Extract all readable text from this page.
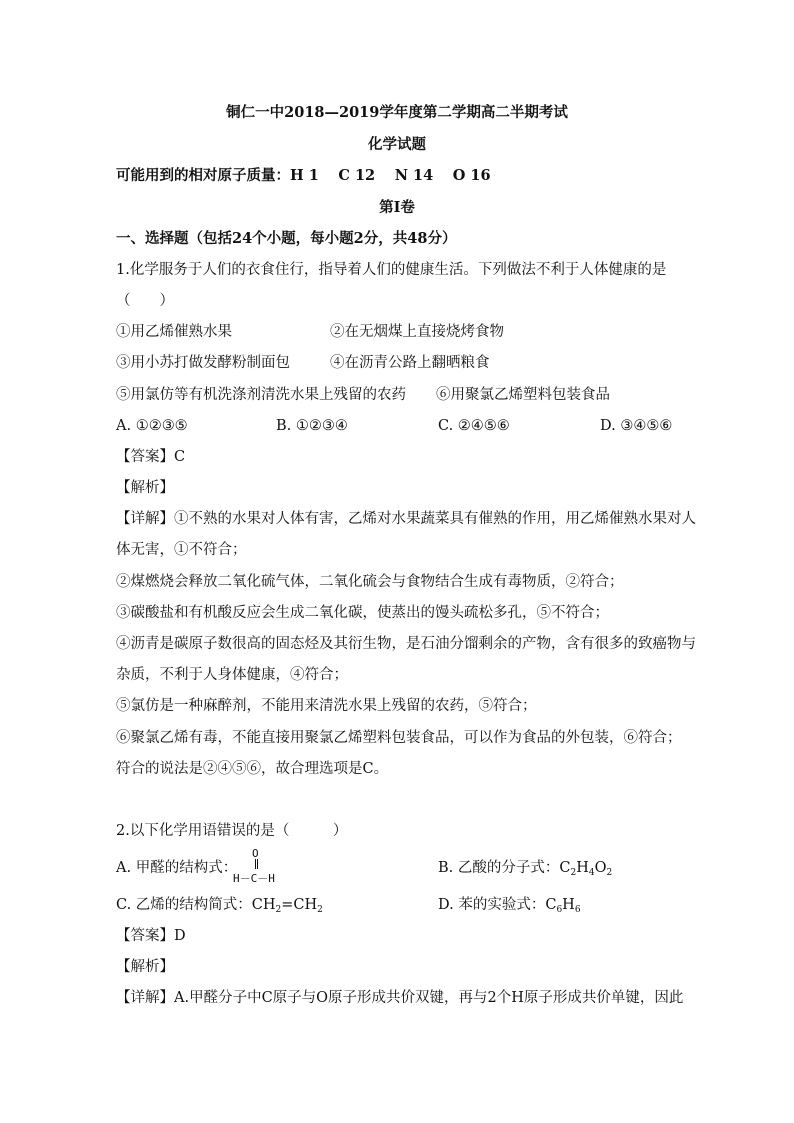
铜仁一中2018—2019学年度第二学期高二半期考试
化学试题
可能用到的相对原子质量：H 1　 C 12 　N 14 　O 16
第Ⅰ卷
一、选择题（包括24个小题，每小题2分，共48分）
1.化学服务于人们的衣食住行，指导着人们的健康生活。下列做法不利于人体健康的是
（　　）
①用乙烯催熟水果	②在无烟煤上直接烧烤食物
③用小苏打做发酵粉制面包	④在沥青公路上翻晒粮食
⑤用氯仿等有机洗涤剂清洗水果上残留的农药 ⑥用聚氯乙烯塑料包装食品
A. ①②③⑤	B. ①②③④	C. ②④⑤⑥	D. ③④⑤⑥
【答案】C
【解析】
【详解】①不熟的水果对人体有害，乙烯对水果蔬菜具有催熟的作用，用乙烯催熟水果对人
体无害，①不符合；
②煤燃烧会释放二氧化硫气体，二氧化硫会与食物结合生成有毒物质，②符合；
③碳酸盐和有机酸反应会生成二氧化碳，使蒸出的馒头疏松多孔，⑤不符合；
④沥青是碳原子数很高的固态烃及其衍生物，是石油分馏剩余的产物，含有很多的致癌物与
杂质，不利于人身体健康，④符合；
⑤氯仿是一种麻醉剂，不能用来清洗水果上残留的农药，⑤符合；
⑥聚氯乙烯有毒，不能直接用聚氯乙烯塑料包装食品，可以作为食品的外包装，⑥符合；
符合的说法是②④⑤⑥，故合理选项是C。
2.以下化学用语错误的是（　　　）
A. 甲醛的结构式：
O
H－C－H
B. 乙酸的分子式：$C_2H_4O_2$
C. 乙烯的结构简式：$CH_2=CH_2$	D. 苯的实验式：$C_6H_6$
【答案】D
【解析】
【详解】A.甲醛分子中C原子与O原子形成共价双键，再与2个H原子形成共价单键，因此
